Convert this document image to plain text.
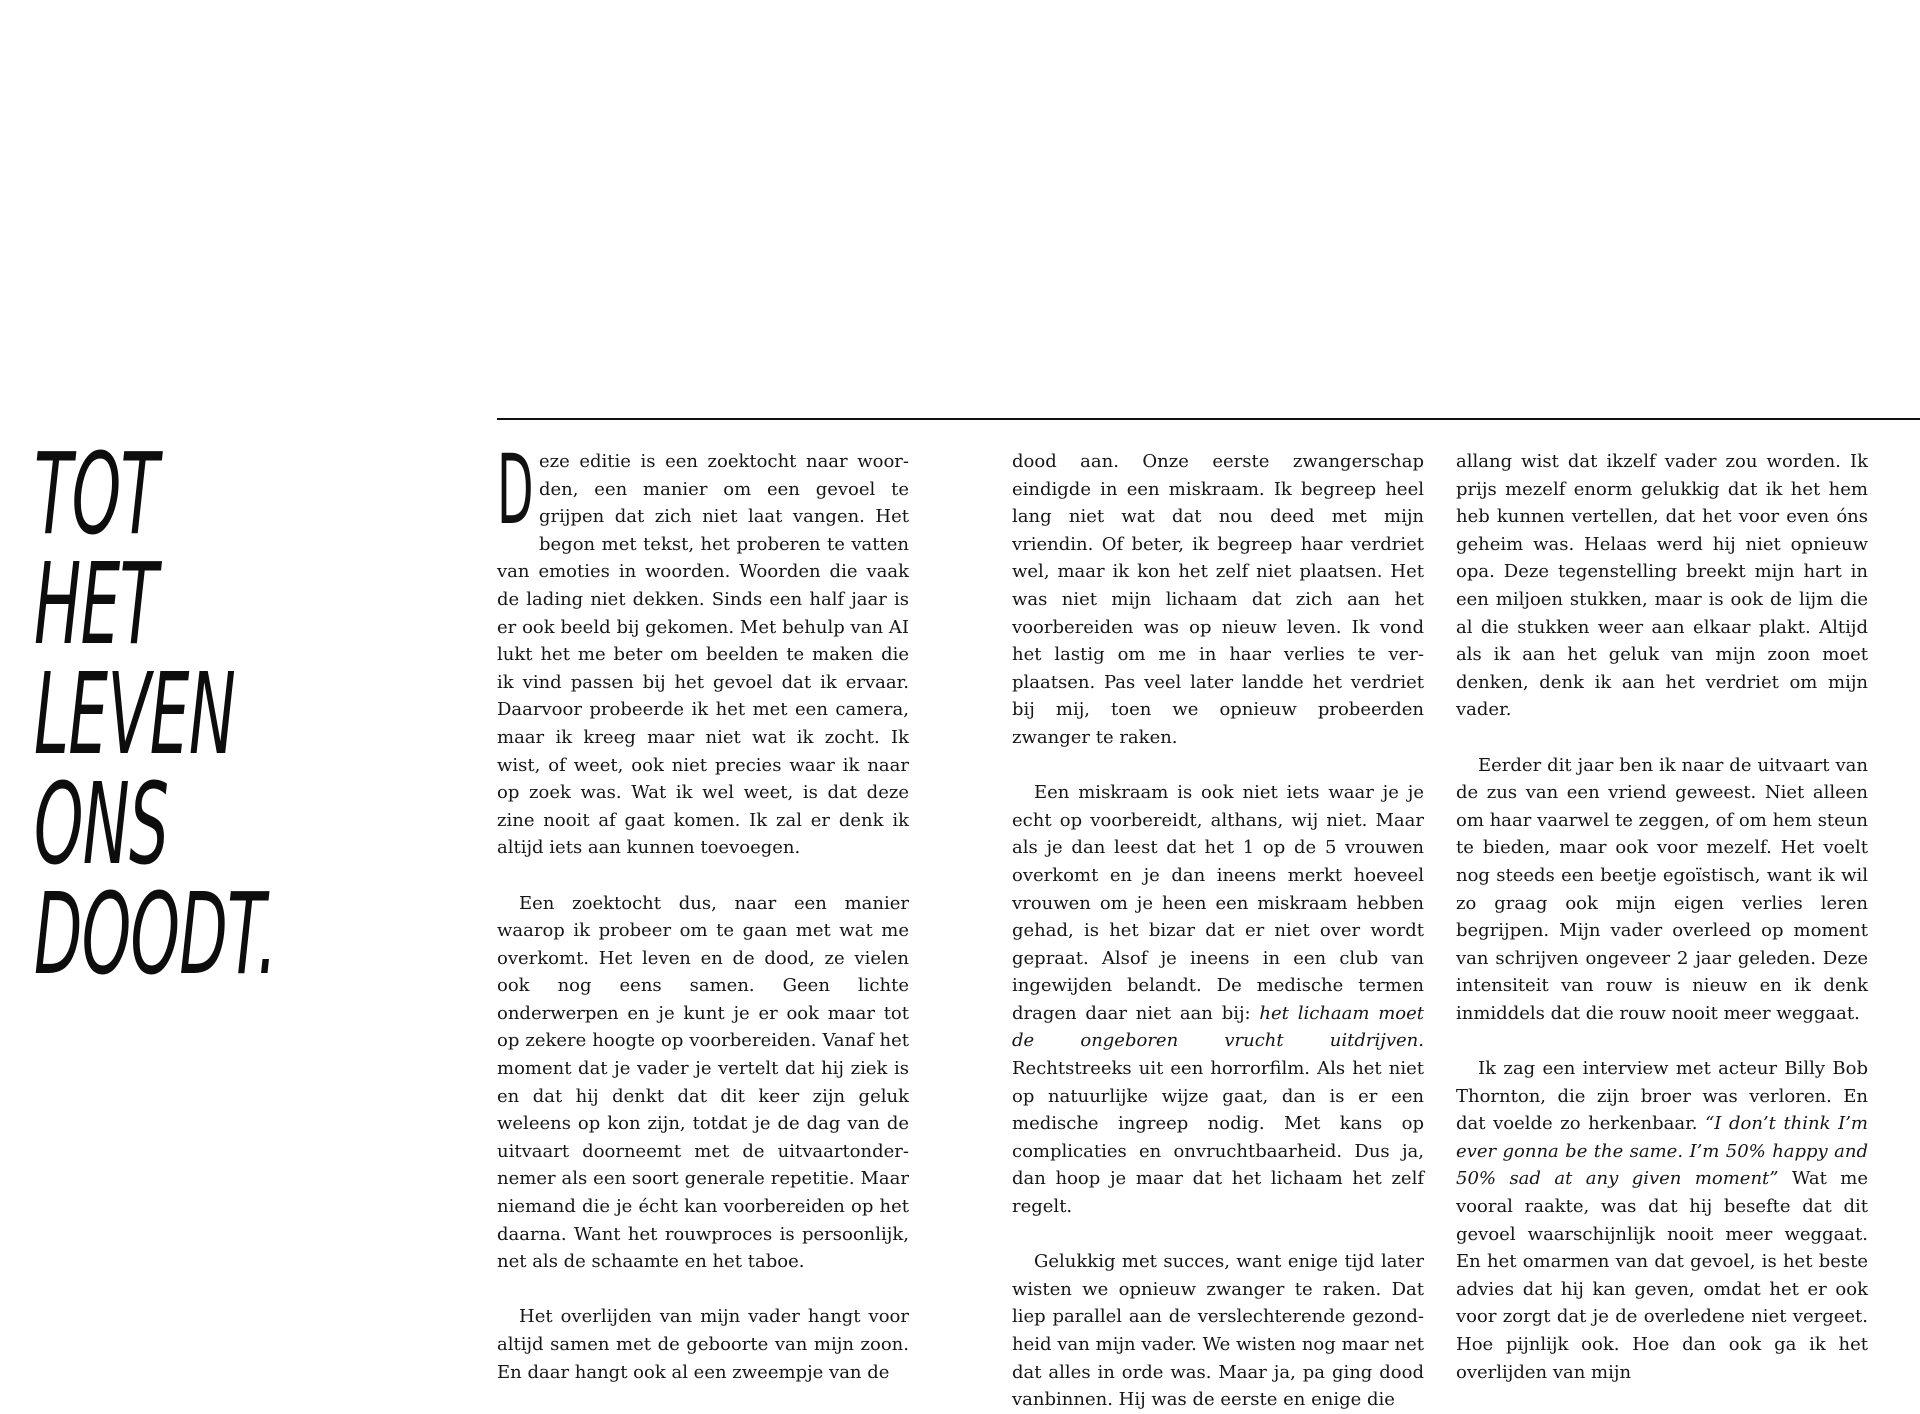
TOT
HET
LEVEN
ONS
DOODT.

Deze editie is een zoektocht naar woorden, een manier om een gevoel te grijpen dat zich niet laat vangen. Het begon met tekst, het proberen te vatten van emoties in woorden. Woorden die vaak de lading niet dekken. Sinds een half jaar is er ook beeld bij gekomen. Met behulp van AI lukt het me beter om beelden te maken die ik vind passen bij het gevoel dat ik ervaar. Daarvoor probeerde ik het met een camera, maar ik kreeg maar niet wat ik zocht. Ik wist, of weet, ook niet precies waar ik naar op zoek was. Wat ik wel weet, is dat deze zine nooit af gaat komen. Ik zal er denk ik altijd iets aan kunnen toevoegen.

Een zoektocht dus, naar een manier waarop ik probeer om te gaan met wat me overkomt. Het leven en de dood, ze vielen ook nog eens samen. Geen lichte onderwerpen en je kunt je er ook maar tot op zekere hoogte op voorbereiden. Vanaf het moment dat je vader je vertelt dat hij ziek is en dat hij denkt dat dit keer zijn geluk weleens op kon zijn, totdat je de dag van de uitvaart doorneemt met de uitvaartondernemer als een soort generale repetitie. Maar niemand die je écht kan voorbereiden op het daarna. Want het rouwproces is persoonlijk, net als de schaamte en het taboe.

Het overlijden van mijn vader hangt voor altijd samen met de geboorte van mijn zoon. En daar hangt ook al een zweempje van de

dood aan. Onze eerste zwangerschap eindigde in een miskraam. Ik begreep heel lang niet wat dat nou deed met mijn vriendin. Of beter, ik begreep haar verdriet wel, maar ik kon het zelf niet plaatsen. Het was niet mijn lichaam dat zich aan het voorbereiden was op nieuw leven. Ik vond het lastig om me in haar verlies te verplaatsen. Pas veel later landde het verdriet bij mij, toen we opnieuw probeerden zwanger te raken.

Een miskraam is ook niet iets waar je je echt op voorbereidt, althans, wij niet. Maar als je dan leest dat het 1 op de 5 vrouwen overkomt en je dan ineens merkt hoeveel vrouwen om je heen een miskraam hebben gehad, is het bizar dat er niet over wordt gepraat. Alsof je ineens in een club van ingewijden belandt. De medische termen dragen daar niet aan bij: het lichaam moet de ongeboren vrucht uitdrijven. Rechtstreeks uit een horrorfilm. Als het niet op natuurlijke wijze gaat, dan is er een medische ingreep nodig. Met kans op complicaties en onvruchtbaarheid. Dus ja, dan hoop je maar dat het lichaam het zelf regelt.

Gelukkig met succes, want enige tijd later wisten we opnieuw zwanger te raken. Dat liep parallel aan de verslechterende gezondheid van mijn vader. We wisten nog maar net dat alles in orde was. Maar ja, pa ging dood vanbinnen. Hij was de eerste en enige die

allang wist dat ikzelf vader zou worden. Ik prijs mezelf enorm gelukkig dat ik het hem heb kunnen vertellen, dat het voor even óns geheim was. Helaas werd hij niet opnieuw opa. Deze tegenstelling breekt mijn hart in een miljoen stukken, maar is ook de lijm die al die stukken weer aan elkaar plakt. Altijd als ik aan het geluk van mijn zoon moet denken, denk ik aan het verdriet om mijn vader.

Eerder dit jaar ben ik naar de uitvaart van de zus van een vriend geweest. Niet alleen om haar vaarwel te zeggen, of om hem steun te bieden, maar ook voor mezelf. Het voelt nog steeds een beetje egoïstisch, want ik wil zo graag ook mijn eigen verlies leren begrijpen. Mijn vader overleed op moment van schrijven ongeveer 2 jaar geleden. Deze intensiteit van rouw is nieuw en ik denk inmiddels dat die rouw nooit meer weggaat.

Ik zag een interview met acteur Billy Bob Thornton, die zijn broer was verloren. En dat voelde zo herkenbaar. “I don’t think I’m ever gonna be the same. I’m 50% happy and 50% sad at any given moment” Wat me vooral raakte, was dat hij besefte dat dit gevoel waarschijnlijk nooit meer weggaat. En het omarmen van dat gevoel, is het beste advies dat hij kan geven, omdat het er ook voor zorgt dat je de overledene niet vergeet. Hoe pijnlijk ook. Hoe dan ook ga ik het overlijden van mijn
